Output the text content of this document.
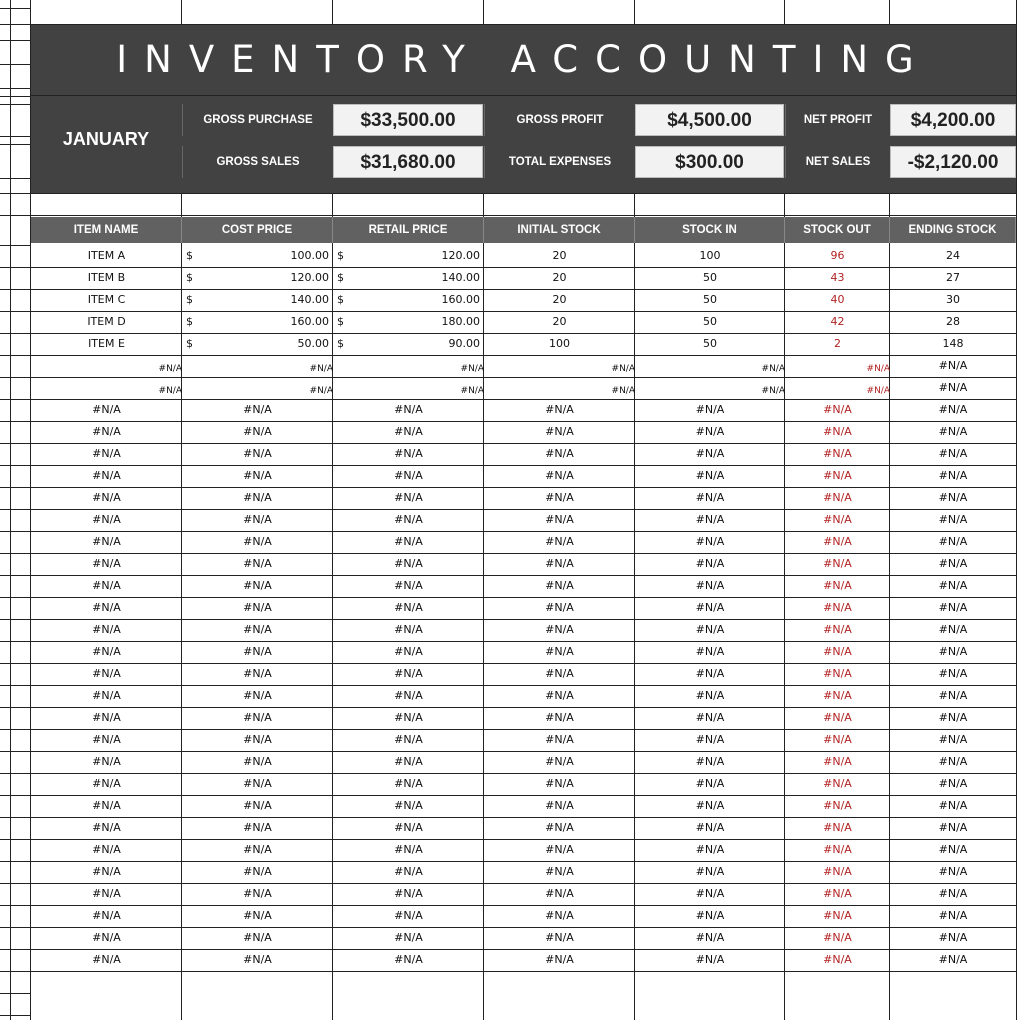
INVENTORY ACCOUNTING
JANUARY
GROSS PURCHASE	$33,500.00
GROSS SALES	$31,680.00
GROSS PROFIT	$4,500.00
TOTAL EXPENSES	$300.00
NET PROFIT	$4,200.00
NET SALES	-$2,120.00
ITEM NAME	COST PRICE	RETAIL PRICE	INITIAL STOCK	STOCK IN	STOCK OUT	ENDING STOCK
ITEM A	$	100.00 $	120.00	20	100	96	24
ITEM B	$	120.00 $	140.00	20	50	43	27
ITEM C	$	140.00 $	160.00	20	50	40	30
ITEM D	$	160.00 $	180.00	20	50	42	28
ITEM E	$	50.00 $	90.00	100	50	2	148
#N/A	#N/A	#N/A	#N/A	#N/A	#N/A	#N/A
#N/A	#N/A	#N/A	#N/A	#N/A	#N/A	#N/A
#N/A	#N/A	#N/A	#N/A	#N/A	#N/A	#N/A
#N/A	#N/A	#N/A	#N/A	#N/A	#N/A	#N/A
#N/A	#N/A	#N/A	#N/A	#N/A	#N/A	#N/A
#N/A	#N/A	#N/A	#N/A	#N/A	#N/A	#N/A
#N/A	#N/A	#N/A	#N/A	#N/A	#N/A	#N/A
#N/A	#N/A	#N/A	#N/A	#N/A	#N/A	#N/A
#N/A	#N/A	#N/A	#N/A	#N/A	#N/A	#N/A
#N/A	#N/A	#N/A	#N/A	#N/A	#N/A	#N/A
#N/A	#N/A	#N/A	#N/A	#N/A	#N/A	#N/A
#N/A	#N/A	#N/A	#N/A	#N/A	#N/A	#N/A
#N/A	#N/A	#N/A	#N/A	#N/A	#N/A	#N/A
#N/A	#N/A	#N/A	#N/A	#N/A	#N/A	#N/A
#N/A	#N/A	#N/A	#N/A	#N/A	#N/A	#N/A
#N/A	#N/A	#N/A	#N/A	#N/A	#N/A	#N/A
#N/A	#N/A	#N/A	#N/A	#N/A	#N/A	#N/A
#N/A	#N/A	#N/A	#N/A	#N/A	#N/A	#N/A
#N/A	#N/A	#N/A	#N/A	#N/A	#N/A	#N/A
#N/A	#N/A	#N/A	#N/A	#N/A	#N/A	#N/A
#N/A	#N/A	#N/A	#N/A	#N/A	#N/A	#N/A
#N/A	#N/A	#N/A	#N/A	#N/A	#N/A	#N/A
#N/A	#N/A	#N/A	#N/A	#N/A	#N/A	#N/A
#N/A	#N/A	#N/A	#N/A	#N/A	#N/A	#N/A
#N/A	#N/A	#N/A	#N/A	#N/A	#N/A	#N/A
#N/A	#N/A	#N/A	#N/A	#N/A	#N/A	#N/A
#N/A	#N/A	#N/A	#N/A	#N/A	#N/A	#N/A
#N/A	#N/A	#N/A	#N/A	#N/A	#N/A	#N/A
